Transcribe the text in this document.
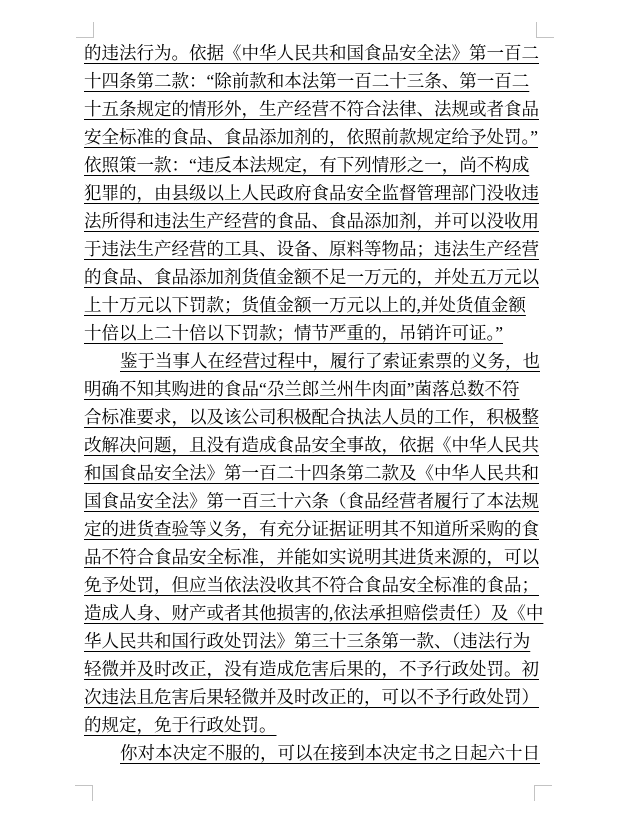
的违法行为。依据《中华人民共和国食品安全法》第一百二
十四条第二款：“除前款和本法第一百二十三条、第一百二
十五条规定的情形外，生产经营不符合法律、法规或者食品
安全标准的食品、食品添加剂的，依照前款规定给予处罚。”
依照策一款：“违反本法规定，有下列情形之一，尚不构成
犯罪的，由县级以上人民政府食品安全监督管理部门没收违
法所得和违法生产经营的食品、食品添加剂，并可以没收用
于违法生产经营的工具、设备、原料等物品；违法生产经营
的食品、食品添加剂货值金额不足一万元的，并处五万元以
上十万元以下罚款；货值金额一万元以上的,并处货值金额
十倍以上二十倍以下罚款；情节严重的，吊销许可证。”
鉴于当事人在经营过程中，履行了索证索票的义务，也
明确不知其购进的食品“尕兰郎兰州牛肉面”菌落总数不符
合标准要求，以及该公司积极配合执法人员的工作，积极整
改解决问题，且没有造成食品安全事故，依据《中华人民共
和国食品安全法》第一百二十四条第二款及《中华人民共和
国食品安全法》第一百三十六条（食品经营者履行了本法规
定的进货查验等义务，有充分证据证明其不知道所采购的食
品不符合食品安全标准，并能如实说明其进货来源的，可以
免予处罚，但应当依法没收其不符合食品安全标准的食品；
造成人身、财产或者其他损害的,依法承担赔偿责任）及《中
华人民共和国行政处罚法》第三十三条第一款、（违法行为
轻微并及时改正，没有造成危害后果的，不予行政处罚。初
次违法且危害后果轻微并及时改正的，可以不予行政处罚）
的规定，免于行政处罚。
你对本决定不服的，可以在接到本决定书之日起六十日
